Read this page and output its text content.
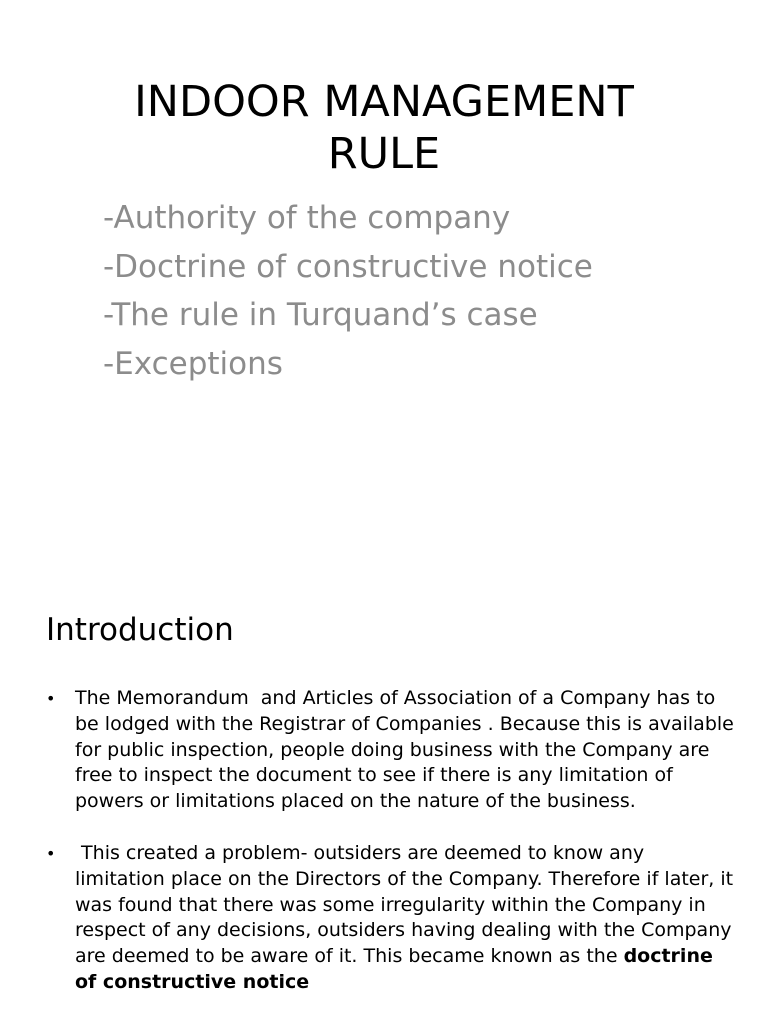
INDOOR MANAGEMENT
RULE
-Authority of the company
-Doctrine of constructive notice
-The rule in Turquand’s case
-Exceptions
Introduction
• The Memorandum  and Articles of Association of a Company has to be lodged with the Registrar of Companies . Because this is available for public inspection, people doing business with the Company are free to inspect the document to see if there is any limitation of powers or limitations placed on the nature of the business.
• This created a problem- outsiders are deemed to know any limitation place on the Directors of the Company. Therefore if later, it was found that there was some irregularity within the Company in respect of any decisions, outsiders having dealing with the Company are deemed to be aware of it. This became known as the doctrine of constructive notice
